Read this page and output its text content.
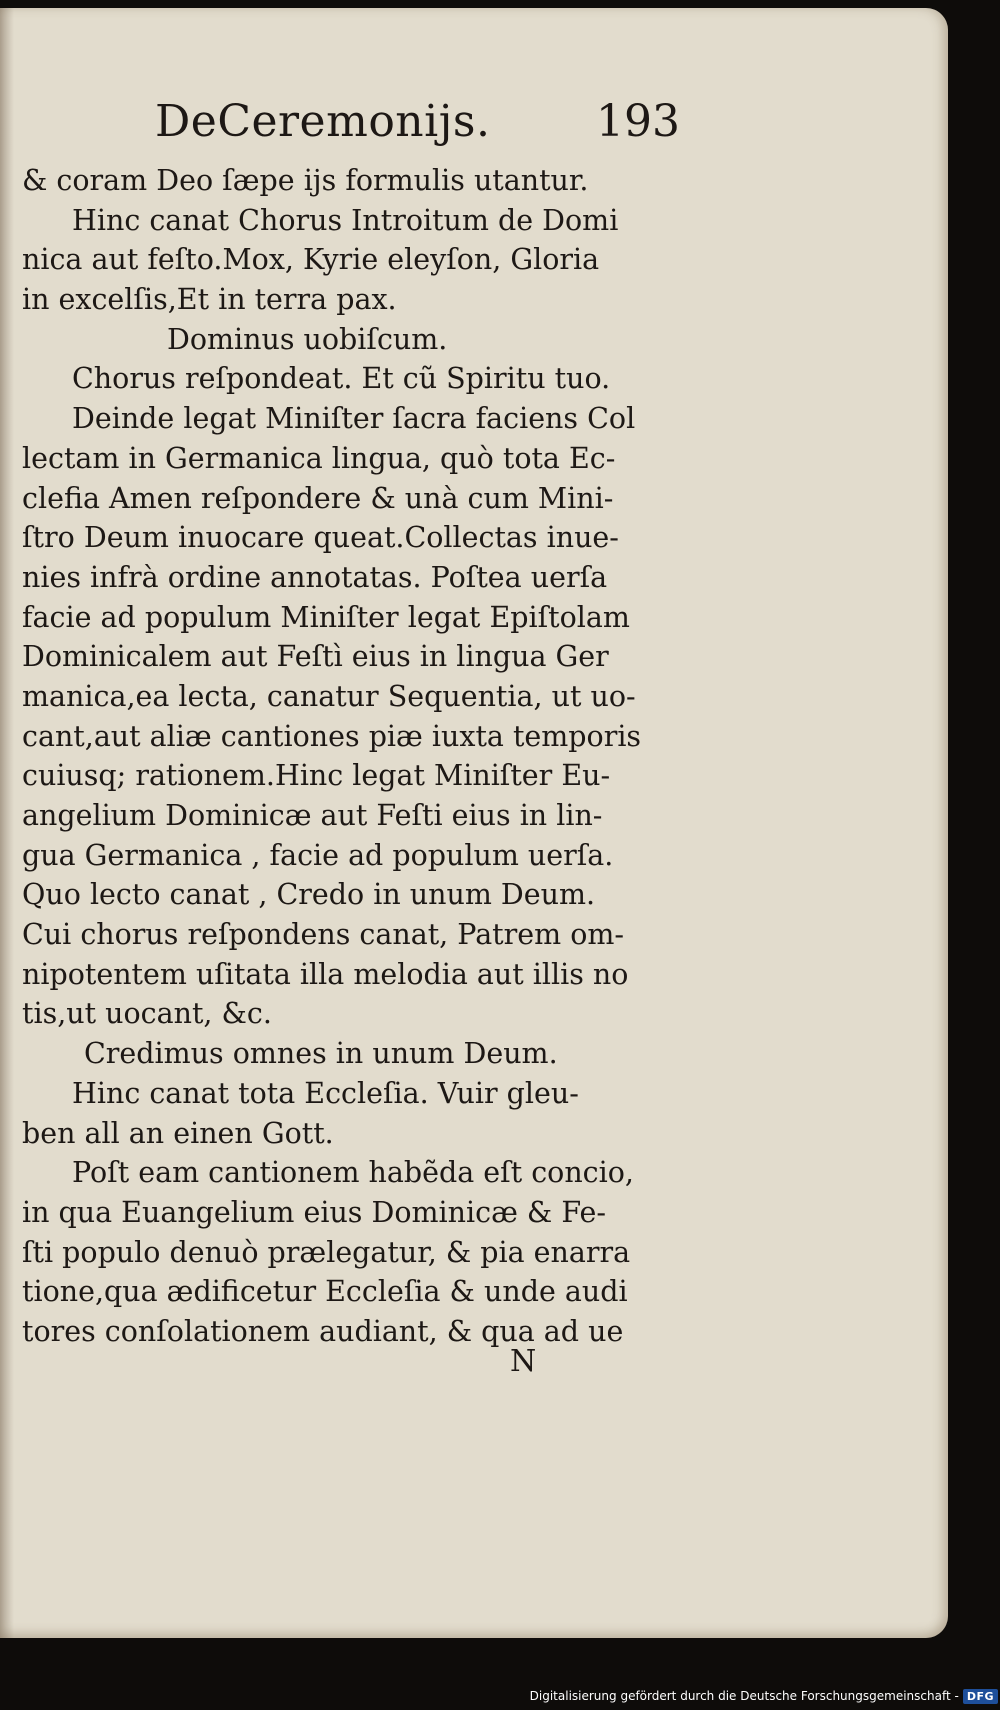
DeCeremonijs. 193
& coram Deo ſæpe ijs formulis utantur.
Hinc canat Chorus Introitum de Domi
nica aut feſto.Mox, Kyrie eleyſon, Gloria
in excelſis,Et in terra pax.
Dominus uobiſcum.
Chorus reſpondeat. Et cũ Spiritu tuo.
Deinde legat Miniſter ſacra faciens Col
lectam in Germanica lingua, quò tota Ec-
clefia Amen reſpondere & unà cum Mini-
ſtro Deum inuocare queat.Collectas inue-
nies infrà ordine annotatas. Poſtea uerſa
facie ad populum Miniſter legat Epiſtolam
Dominicalem aut Feſtì eius in lingua Ger
manica,ea lecta, canatur Sequentia, ut uo-
cant,aut aliæ cantiones piæ iuxta temporis
cuiusq; rationem.Hinc legat Miniſter Eu-
angelium Dominicæ aut Feſti eius in lin-
gua Germanica , facie ad populum uerſa.
Quo lecto canat , Credo in unum Deum.
Cui chorus reſpondens canat, Patrem om-
nipotentem uſitata illa melodia aut illis no
tis,ut uocant, &c.
Credimus omnes in unum Deum.
Hinc canat tota Eccleſia. Vuir gleu-
ben all an einen Gott.
Poſt eam cantionem habẽda eſt concio,
in qua Euangelium eius Dominicæ & Fe-
ſti populo denuò prælegatur, & pia enarra
tione,qua ædificetur Eccleſia & unde audi
tores conſolationem audiant, & qua ad ue
N
Digitalisierung gefördert durch die Deutsche Forschungsgemeinschaft - DFG
